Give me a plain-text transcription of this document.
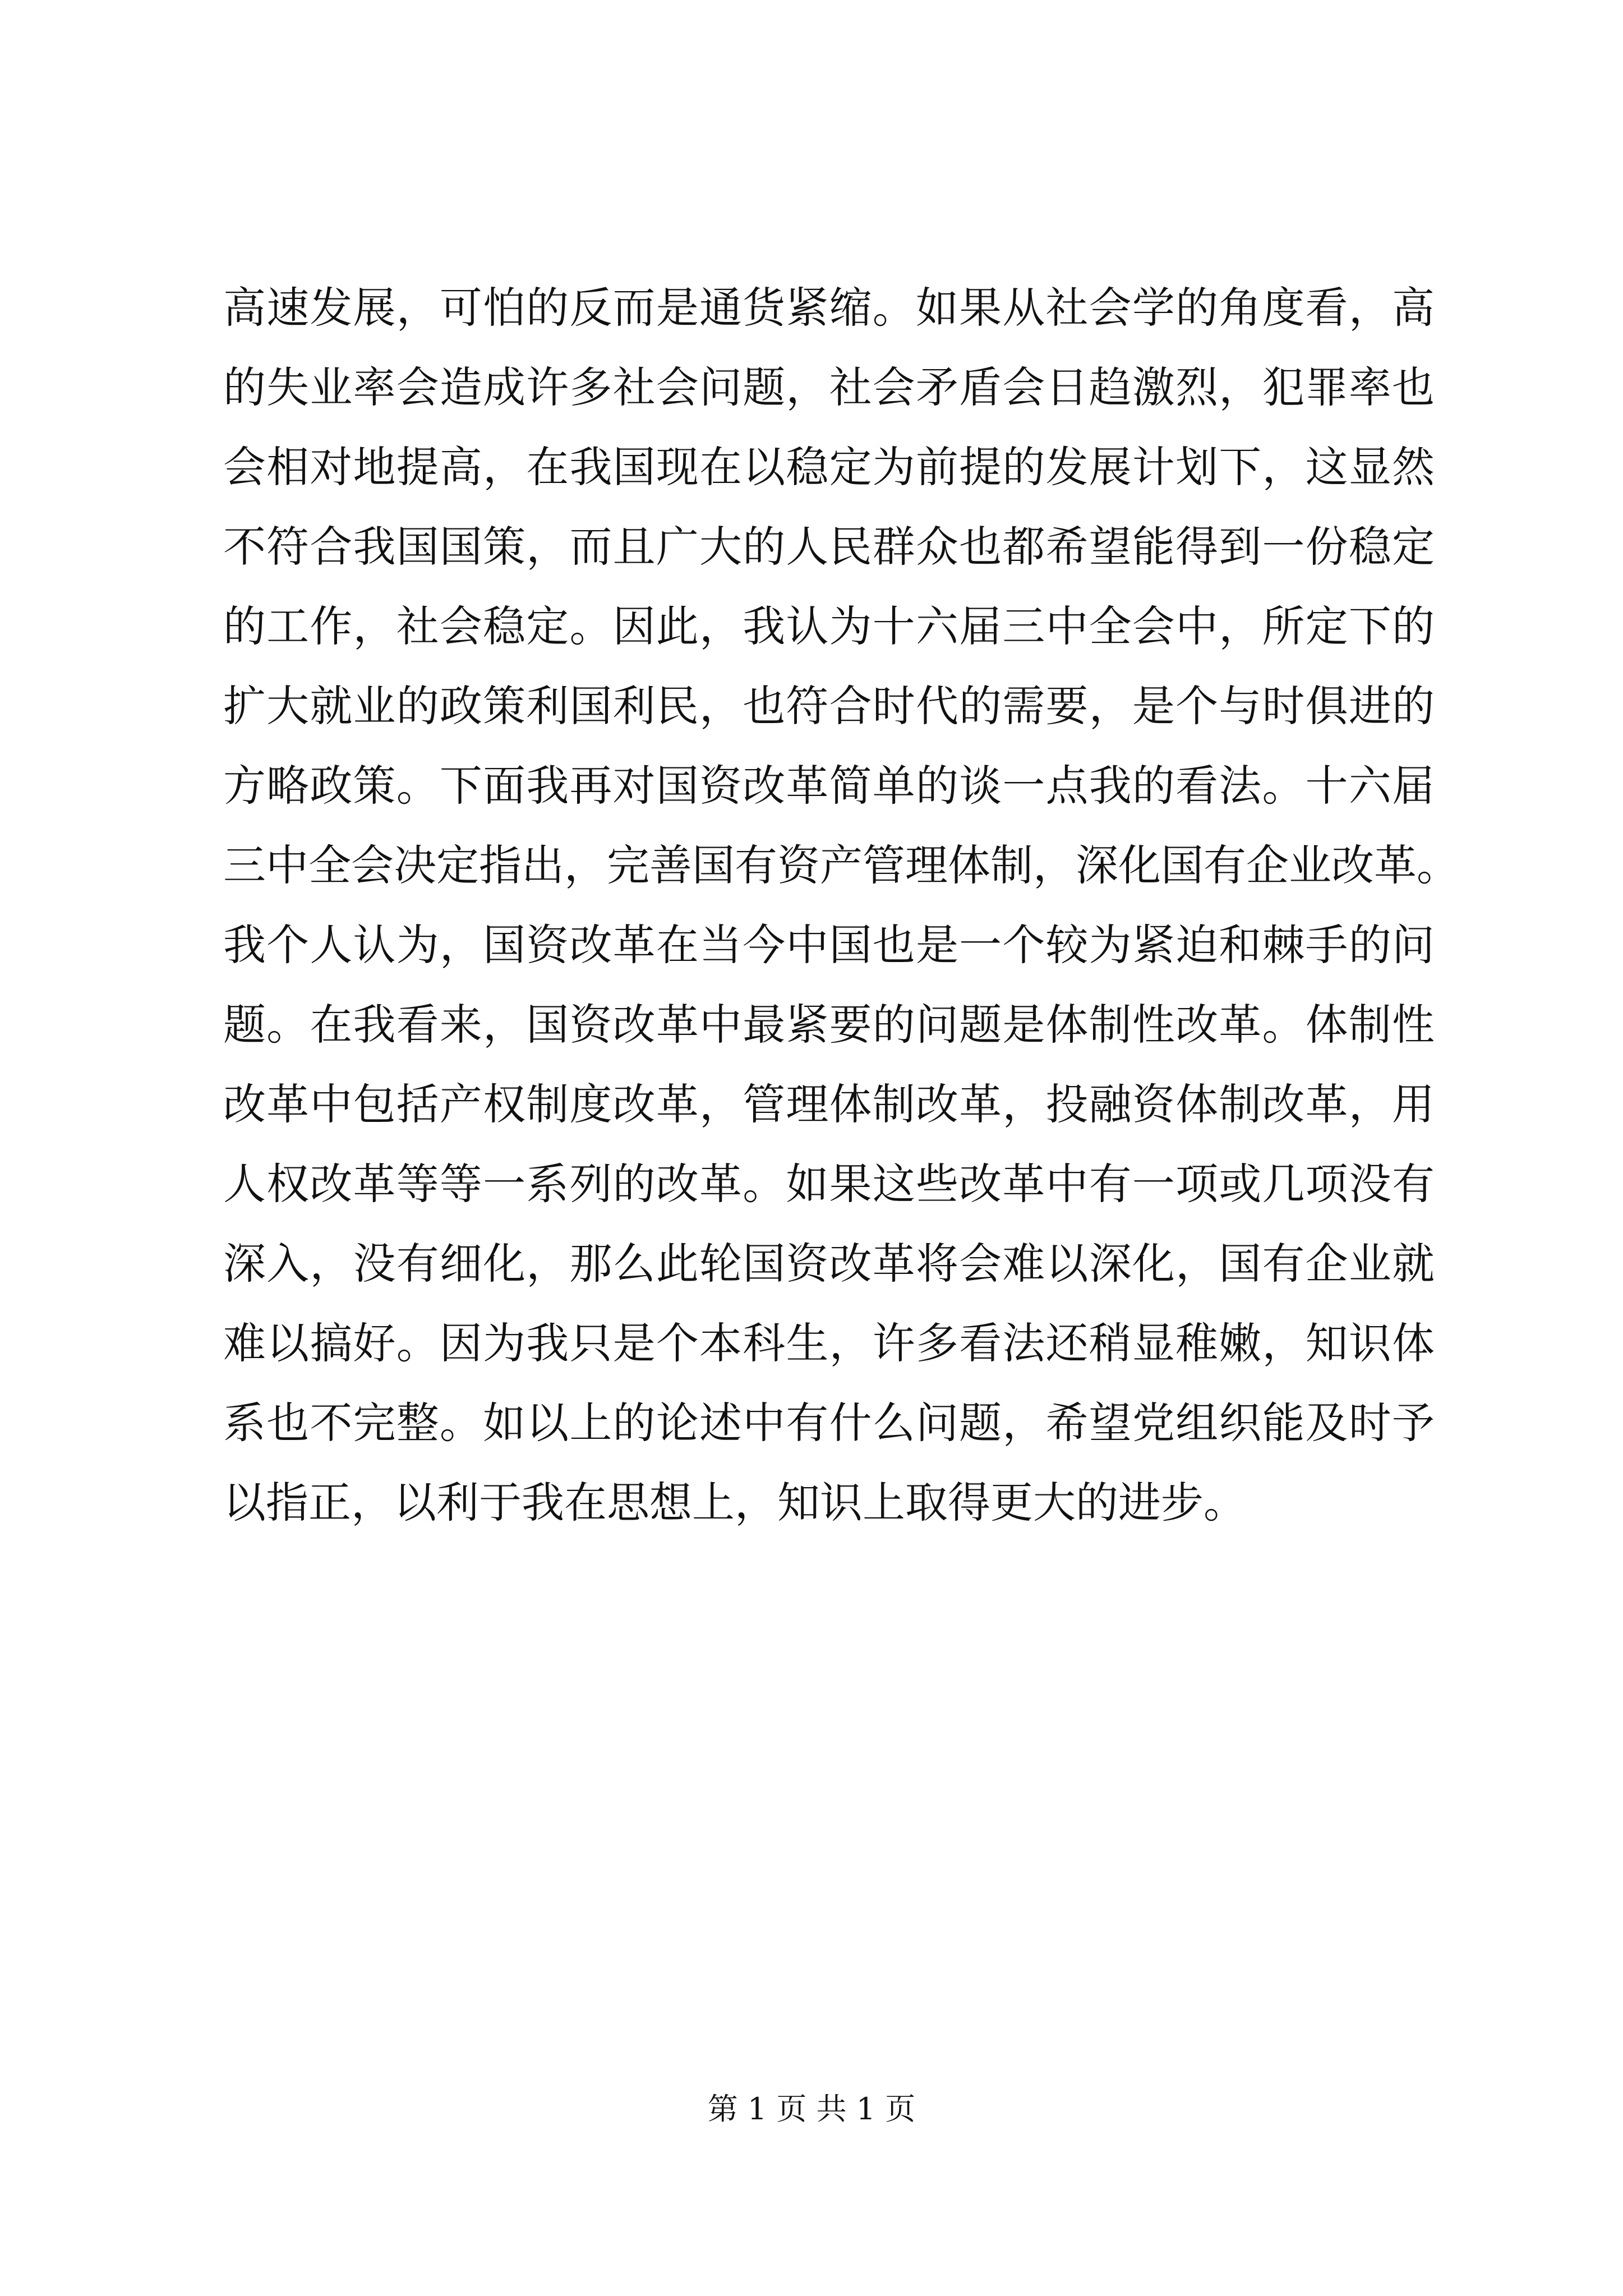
高速发展，可怕的反而是通货紧缩。如果从社会学的角度看，高
的失业率会造成许多社会问题，社会矛盾会日趋激烈，犯罪率也
会相对地提高，在我国现在以稳定为前提的发展计划下，这显然
不符合我国国策，而且广大的人民群众也都希望能得到一份稳定
的工作，社会稳定。因此，我认为十六届三中全会中，所定下的
扩大就业的政策利国利民，也符合时代的需要，是个与时俱进的
方略政策。下面我再对国资改革简单的谈一点我的看法。十六届
三中全会决定指出，完善国有资产管理体制，深化国有企业改革。
我个人认为，国资改革在当今中国也是一个较为紧迫和棘手的问
题。在我看来，国资改革中最紧要的问题是体制性改革。体制性
改革中包括产权制度改革，管理体制改革，投融资体制改革，用
人权改革等等一系列的改革。如果这些改革中有一项或几项没有
深入，没有细化，那么此轮国资改革将会难以深化，国有企业就
难以搞好。因为我只是个本科生，许多看法还稍显稚嫩，知识体
系也不完整。如以上的论述中有什么问题，希望党组织能及时予
以指正，以利于我在思想上，知识上取得更大的进步。
第 1 页 共 1 页
